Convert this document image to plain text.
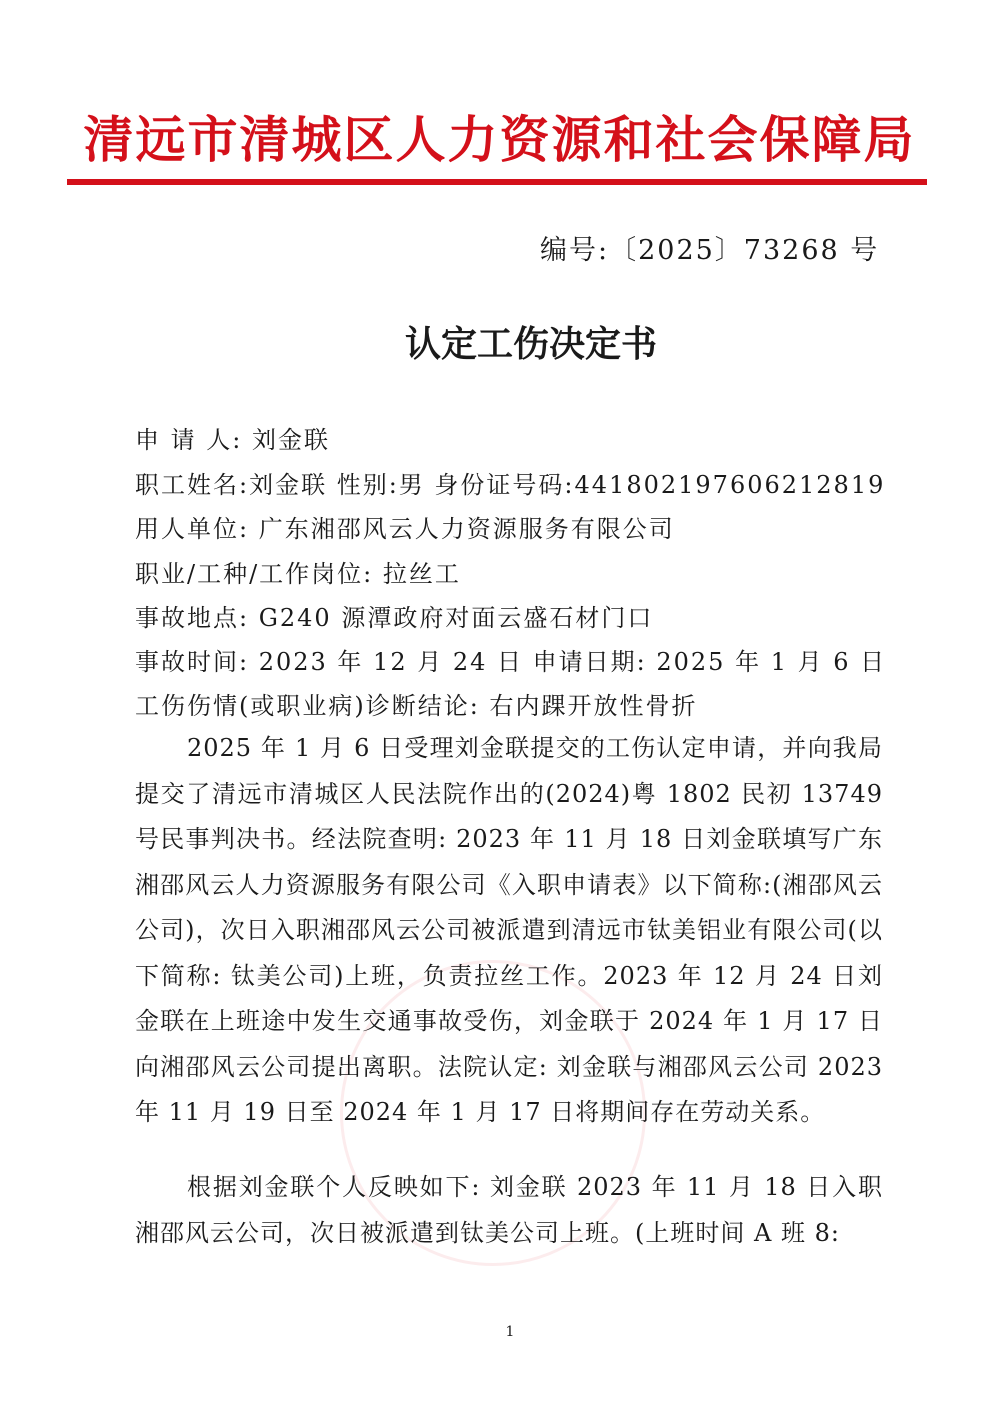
清远市清城区人力资源和社会保障局
编号:〔2025〕73268 号
认定工伤决定书
申 请 人: 刘金联
职工姓名:刘金联 性别:男 身份证号码:441802197606212819
用人单位: 广东湘邵风云人力资源服务有限公司
职业/工种/工作岗位: 拉丝工
事故地点: G240 源潭政府对面云盛石材门口
事故时间: 2023 年 12 月 24 日 申请日期: 2025 年 1 月 6 日
工伤伤情(或职业病)诊断结论: 右内踝开放性骨折
2025 年 1 月 6 日受理刘金联提交的工伤认定申请，并向我局提交了清远市清城区人民法院作出的(2024)粤 1802 民初 13749 号民事判决书。经法院查明: 2023 年 11 月 18 日刘金联填写广东湘邵风云人力资源服务有限公司《入职申请表》以下简称:(湘邵风云公司)，次日入职湘邵风云公司被派遣到清远市钛美铝业有限公司(以下简称: 钛美公司)上班，负责拉丝工作。2023 年 12 月 24 日刘金联在上班途中发生交通事故受伤，刘金联于 2024 年 1 月 17 日向湘邵风云公司提出离职。法院认定: 刘金联与湘邵风云公司 2023 年 11 月 19 日至 2024 年 1 月 17 日将期间存在劳动关系。
根据刘金联个人反映如下: 刘金联 2023 年 11 月 18 日入职湘邵风云公司，次日被派遣到钛美公司上班。(上班时间 A 班 8:
1
